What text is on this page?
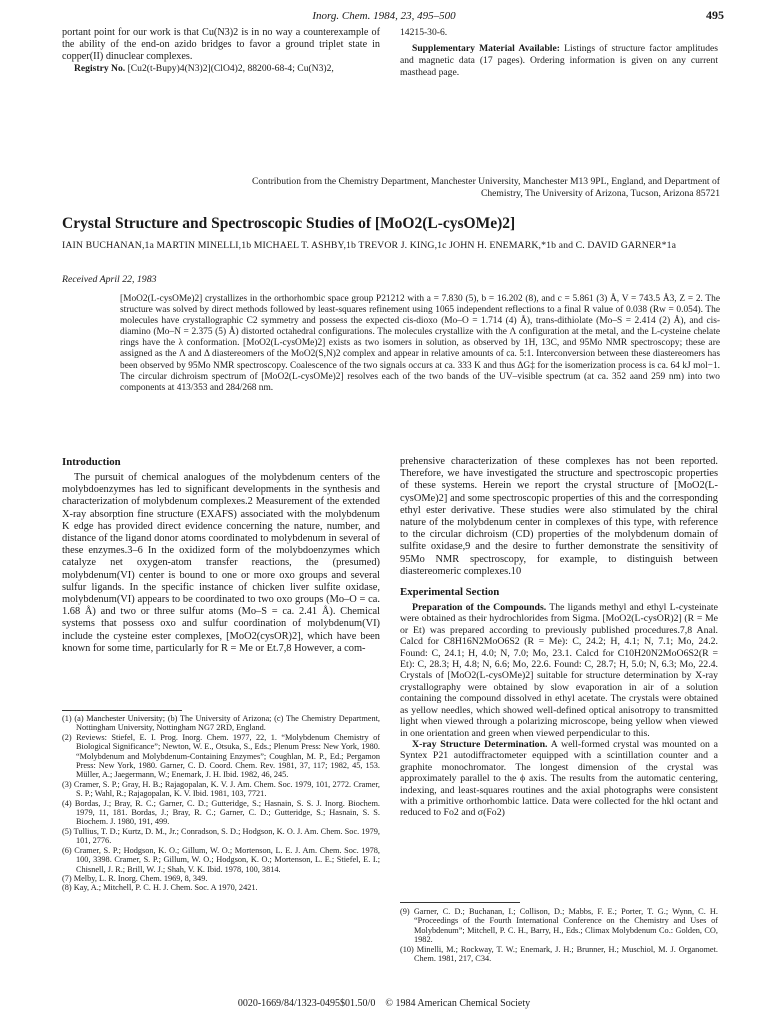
Inorg. Chem. 1984, 23, 495–500	495

portant point for our work is that Cu(N3)2 is in no way a counterexample of the ability of the end-on azido bridges to favor a ground triplet state in copper(II) dinuclear complexes.

Registry No. [Cu2(t-Bupy)4(N3)2](ClO4)2, 88200-68-4; Cu(N3)2,

14215-30-6.

Supplementary Material Available: Listings of structure factor amplitudes and magnetic data (17 pages). Ordering information is given on any current masthead page.

Contribution from the Chemistry Department, Manchester University, Manchester M13 9PL, England, and Department of Chemistry, The University of Arizona, Tucson, Arizona 85721
Crystal Structure and Spectroscopic Studies of [MoO2(L-cysOMe)2]
IAIN BUCHANAN,1a MARTIN MINELLI,1b MICHAEL T. ASHBY,1b TREVOR J. KING,1c JOHN H. ENEMARK,*1b and C. DAVID GARNER*1a
Received April 22, 1983
[MoO2(L-cysOMe)2] crystallizes in the orthorhombic space group P21212 with a = 7.830 (5), b = 16.202 (8), and c = 5.861 (3) Å, V = 743.5 Å3, Z = 2. The structure was solved by direct methods followed by least-squares refinement using 1065 independent reflections to a final R value of 0.038 (Rw = 0.054). The molecules have crystallographic C2 symmetry and possess the expected cis-dioxo (Mo–O = 1.714 (4) Å), trans-dithiolate (Mo–S = 2.414 (2) Å), and cis-diamino (Mo–N = 2.375 (5) Å) distorted octahedral configurations. The molecules crystallize with the Λ configuration at the metal, and the L-cysteine chelate rings have the λ conformation. [MoO2(L-cysOMe)2] exists as two isomers in solution, as observed by 1H, 13C, and 95Mo NMR spectroscopy; these are assigned as the Λ and Δ diastereomers of the MoO2(S,N)2 complex and appear in relative amounts of ca. 5:1. Interconversion between these diastereomers has been observed by 95Mo NMR spectroscopy. Coalescence of the two signals occurs at ca. 333 K and thus ΔG‡ for the isomerization process is ca. 64 kJ mol−1. The circular dichroism spectrum of [MoO2(L-cysOMe)2] resolves each of the two bands of the UV–visible spectrum (at ca. 352 aand 259 nm) into two components at 413/353 and 284/268 nm.

Introduction

The pursuit of chemical analogues of the molybdenum centers of the molybdoenzymes has led to significant developments in the synthesis and characterization of molybdenum complexes.2 Measurement of the extended X-ray absorption fine structure (EXAFS) associated with the molybdenum K edge has provided direct evidence concerning the nature, number, and distance of the ligand donor atoms coordinated to molybdenum in several of these enzymes.3–6 In the oxidized form of the molybdoenzymes which catalyze net oxygen-atom transfer reactions, the (presumed) molybdenum(VI) center is bound to one or more oxo groups and several sulfur ligands. In the specific instance of chicken liver sulfite oxidase, molybdenum(VI) appears to be coordinated to two oxo groups (Mo–O = ca. 1.68 Å) and two or three sulfur atoms (Mo–S = ca. 2.41 Å). Chemical systems that possess oxo and sulfur coordination of molybdenum(VI) include the cysteine ester complexes, [MoO2(cysOR)2], which have been known for some time, particularly for R = Me or Et.7,8 However, a com-

(1) (a) Manchester University; (b) The University of Arizona; (c) The Chemistry Department, Nottingham University, Nottingham NG7 2RD, England.

(2) Reviews: Stiefel, E. I. Prog. Inorg. Chem. 1977, 22, 1. “Molybdenum Chemistry of Biological Significance”; Newton, W. E., Otsuka, S., Eds.; Plenum Press: New York, 1980. “Molybdenum and Molybdenum-Containing Enzymes”; Coughlan, M. P., Ed.; Pergamon Press: New York, 1980. Garner, C. D. Coord. Chem. Rev. 1981, 37, 117; 1982, 45, 153. Müller, A.; Jaegermann, W.; Enemark, J. H. Ibid. 1982, 46, 245.

(3) Cramer, S. P.; Gray, H. B.; Rajagopalan, K. V. J. Am. Chem. Soc. 1979, 101, 2772. Cramer, S. P.; Wahl, R.; Rajagopalan, K. V. Ibid. 1981, 103, 7721.

(4) Bordas, J.; Bray, R. C.; Garner, C. D.; Gutteridge, S.; Hasnain, S. S. J. Inorg. Biochem. 1979, 11, 181. Bordas, J.; Bray, R. C.; Garner, C. D.; Gutteridge, S.; Hasnain, S. S. Biochem. J. 1980, 191, 499.

(5) Tullius, T. D.; Kurtz, D. M., Jr.; Conradson, S. D.; Hodgson, K. O. J. Am. Chem. Soc. 1979, 101, 2776.

(6) Cramer, S. P.; Hodgson, K. O.; Gillum, W. O.; Mortenson, L. E. J. Am. Chem. Soc. 1978, 100, 3398. Cramer, S. P.; Gillum, W. O.; Hodgson, K. O.; Mortenson, L. E.; Stiefel, E. I.; Chisnell, J. R.; Brill, W. J.; Shah, V. K. Ibid. 1978, 100, 3814.

(7) Melby, L. R. Inorg. Chem. 1969, 8, 349.

(8) Kay, A.; Mitchell, P. C. H. J. Chem. Soc. A 1970, 2421.

prehensive characterization of these complexes has not been reported. Therefore, we have investigated the structure and spectroscopic properties of these systems. Herein we report the crystal structure of [MoO2(L-cysOMe)2] and some spectroscopic properties of this and the corresponding ethyl ester derivative. These studies were also stimulated by the chiral nature of the molybdenum center in complexes of this type, with reference to the circular dichroism (CD) properties of the molybdenum domain of sulfite oxidase,9 and the desire to further demonstrate the sensitivity of 95Mo NMR spectroscopy, for example, to distinguish between diastereomeric complexes.10

Experimental Section

Preparation of the Compounds. The ligands methyl and ethyl L-cysteinate were obtained as their hydrochlorides from Sigma. [MoO2(L-cysOR)2] (R = Me or Et) was prepared according to previously published procedures.7,8 Anal. Calcd for C8H16N2MoO6S2 (R = Me): C, 24.2; H, 4.1; N, 7.1; Mo, 24.2. Found: C, 24.1; H, 4.0; N, 7.0; Mo, 23.1. Calcd for C10H20N2MoO6S2(R = Et): C, 28.3; H, 4.8; N, 6.6; Mo, 22.6. Found: C, 28.7; H, 5.0; N, 6.3; Mo, 22.4. Crystals of [MoO2(L-cysOMe)2] suitable for structure determination by X-ray crystallography were obtained by slow evaporation in air of a solution containing the compound dissolved in ethyl acetate. The crystals were obtained as yellow needles, which showed well-defined optical anisotropy to transmitted light when viewed through a polarizing microscope, being yellow when viewed in one orientation and green when viewed perpendicular to this.

X-ray Structure Determination. A well-formed crystal was mounted on a Syntex P21 autodiffractometer equipped with a scintillation counter and a graphite monochromator. The longest dimension of the crystal was approximately parallel to the ϕ axis. The results from the automatic centering, indexing, and least-squares routines and the axial photographs were consistent with a primitive orthorhombic lattice. Data were collected for the hkl octant and reduced to Fo2 and σ(Fo2)

(9) Garner, C. D.; Buchanan, I.; Collison, D.; Mabbs, F. E.; Porter, T. G.; Wynn, C. H. “Proceedings of the Fourth International Conference on the Chemistry and Uses of Molybdenum”; Mitchell, P. C. H., Barry, H., Eds.; Climax Molybdenum Co.: Golden, CO, 1982.

(10) Minelli, M.; Rockway, T. W.; Enemark, J. H.; Brunner, H.; Muschiol, M. J. Organomet. Chem. 1981, 217, C34.

0020-1669/84/1323-0495$01.50/0 © 1984 American Chemical Society
